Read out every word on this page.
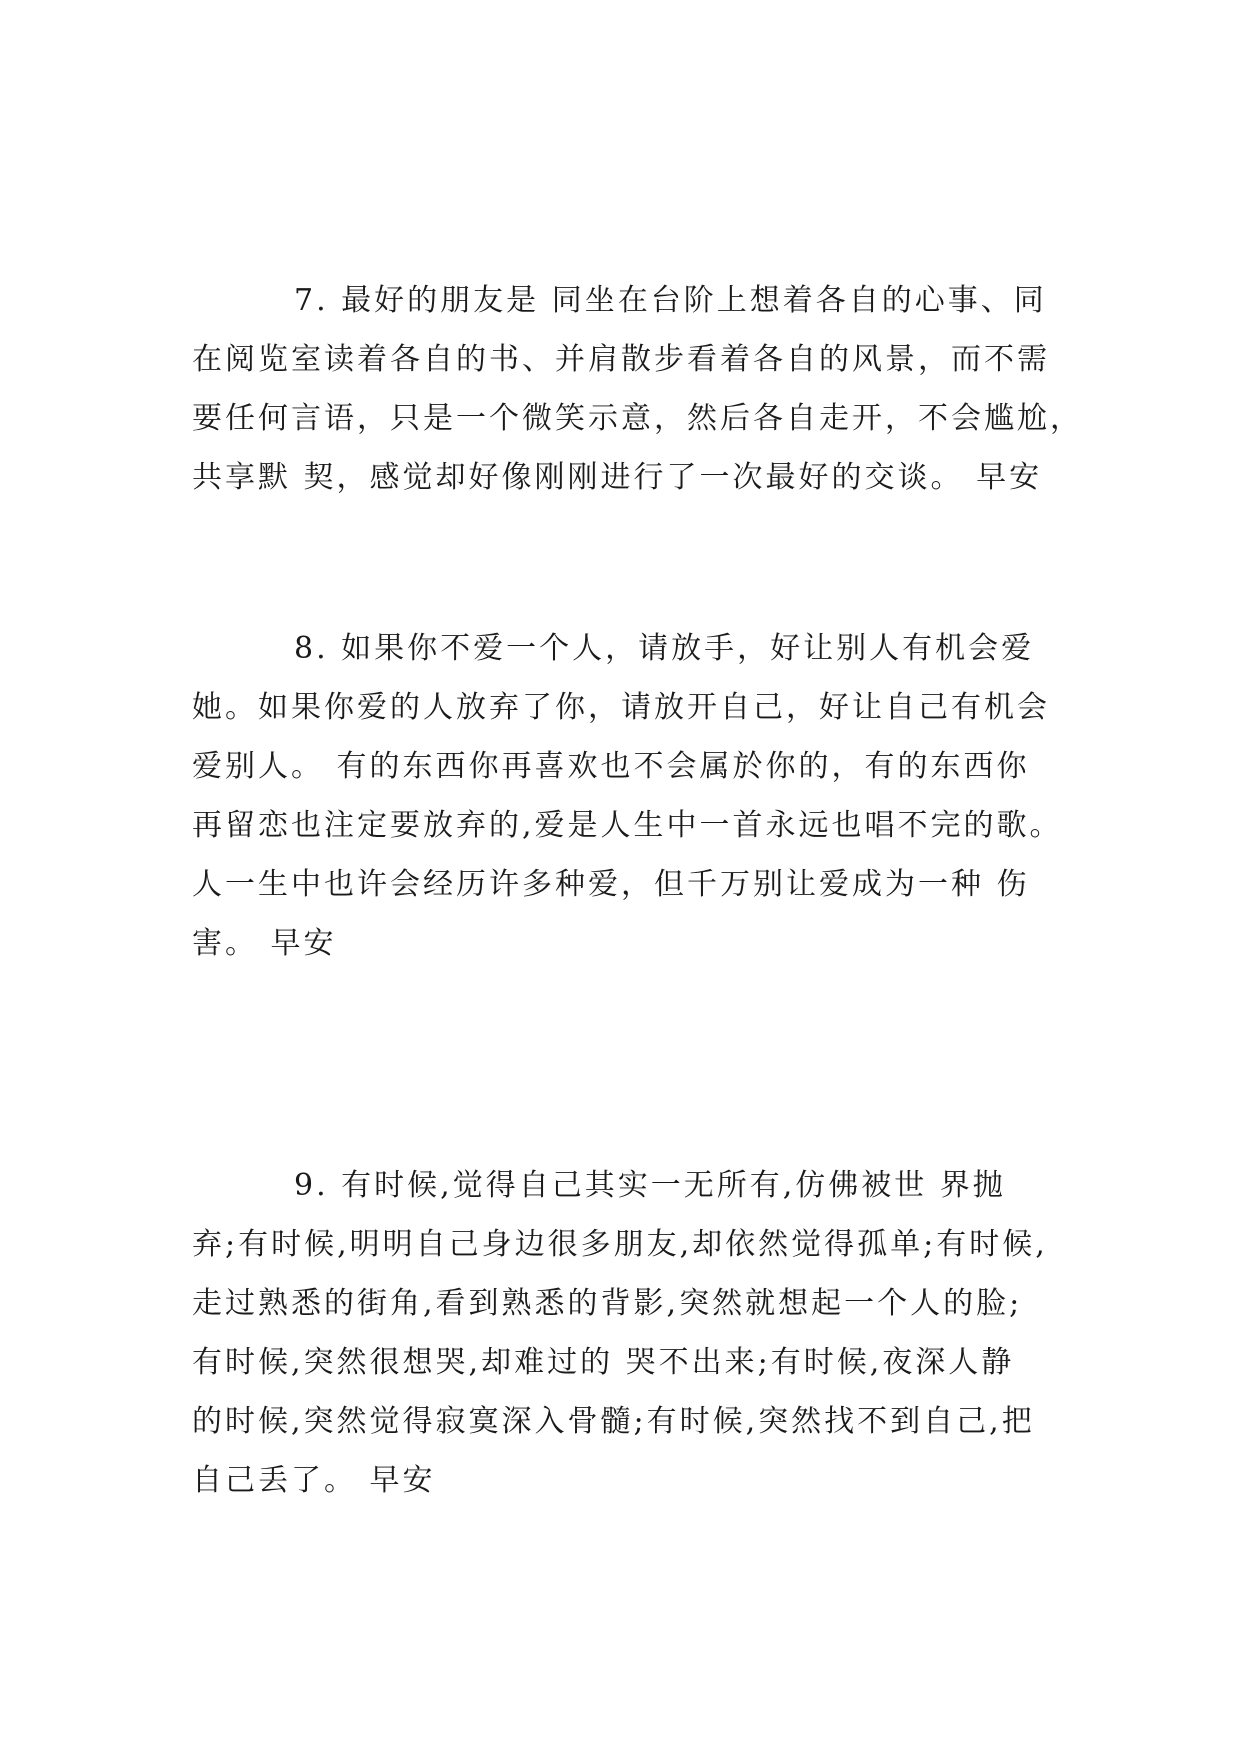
7. 最好的朋友是 同坐在台阶上想着各自的心事、同
在阅览室读着各自的书、并肩散步看着各自的风景，而不需
要任何言语，只是一个微笑示意，然后各自走开，不会尴尬，
共享默 契，感觉却好像刚刚进行了一次最好的交谈。 早安
8. 如果你不爱一个人，请放手，好让别人有机会爱
她。如果你爱的人放弃了你，请放开自己，好让自己有机会
爱别人。 有的东西你再喜欢也不会属於你的，有的东西你
再留恋也注定要放弃的,爱是人生中一首永远也唱不完的歌。
人一生中也许会经历许多种爱，但千万别让爱成为一种 伤
害。 早安
9. 有时候,觉得自己其实一无所有,仿佛被世 界抛
弃;有时候,明明自己身边很多朋友,却依然觉得孤单;有时候,
走过熟悉的街角,看到熟悉的背影,突然就想起一个人的脸;
有时候,突然很想哭,却难过的 哭不出来;有时候,夜深人静
的时候,突然觉得寂寞深入骨髓;有时候,突然找不到自己,把
自己丢了。 早安
